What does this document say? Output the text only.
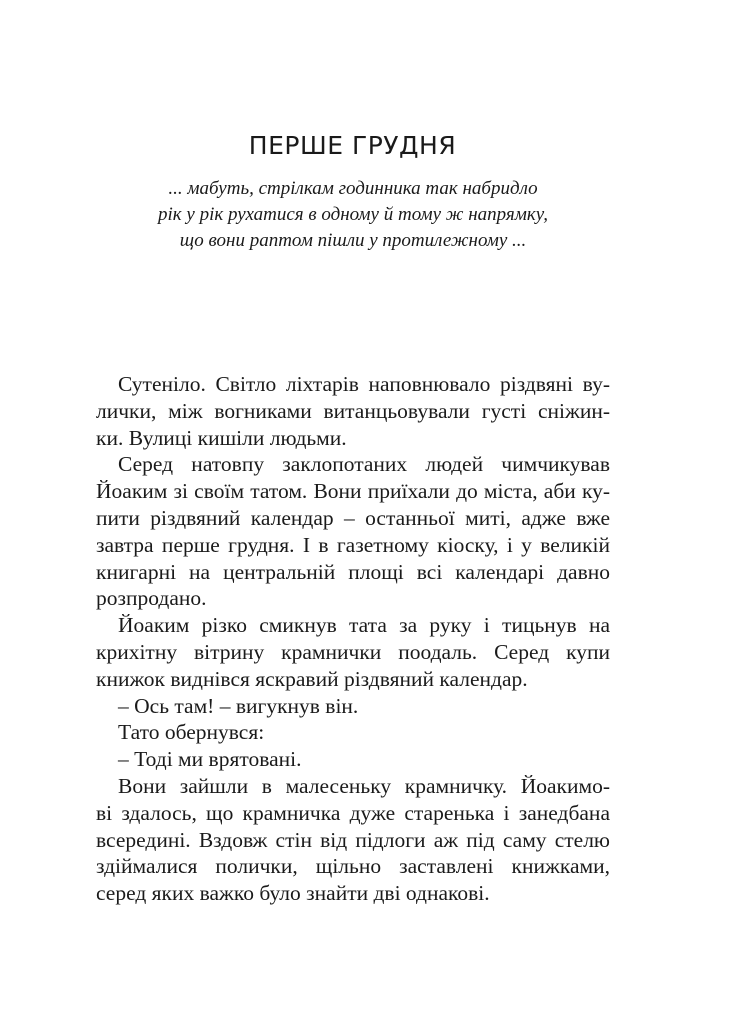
ПЕРШЕ ГРУДНЯ
... мабуть, стрілкам годинника так набридло
рік у рік рухатися в одному й тому ж напрямку,
що вони раптом пішли у протилежному ...
Сутеніло. Світло ліхтарів наповнювало різдвяні ву-
лички, між вогниками витанцьовували густі сніжин-
ки. Вулиці кишіли людьми.
Серед натовпу заклопотаних людей чимчикував
Йоаким зі своїм татом. Вони приїхали до міста, аби ку-
пити різдвяний календар – останньої миті, адже вже
завтра перше грудня. І в газетному кіоску, і у великій
книгарні на центральній площі всі календарі давно
розпродано.
Йоаким різко смикнув тата за руку і тицьнув на
крихітну вітрину крамнички поодаль. Серед купи
книжок виднівся яскравий різдвяний календар.
– Ось там! – вигукнув він.
Тато обернувся:
– Тоді ми врятовані.
Вони зайшли в малесеньку крамничку. Йоакимо-
ві здалось, що крамничка дуже старенька і занедбана
всередині. Вздовж стін від підлоги аж під саму стелю
здіймалися полички, щільно заставлені книжками,
серед яких важко було знайти дві однакові.
